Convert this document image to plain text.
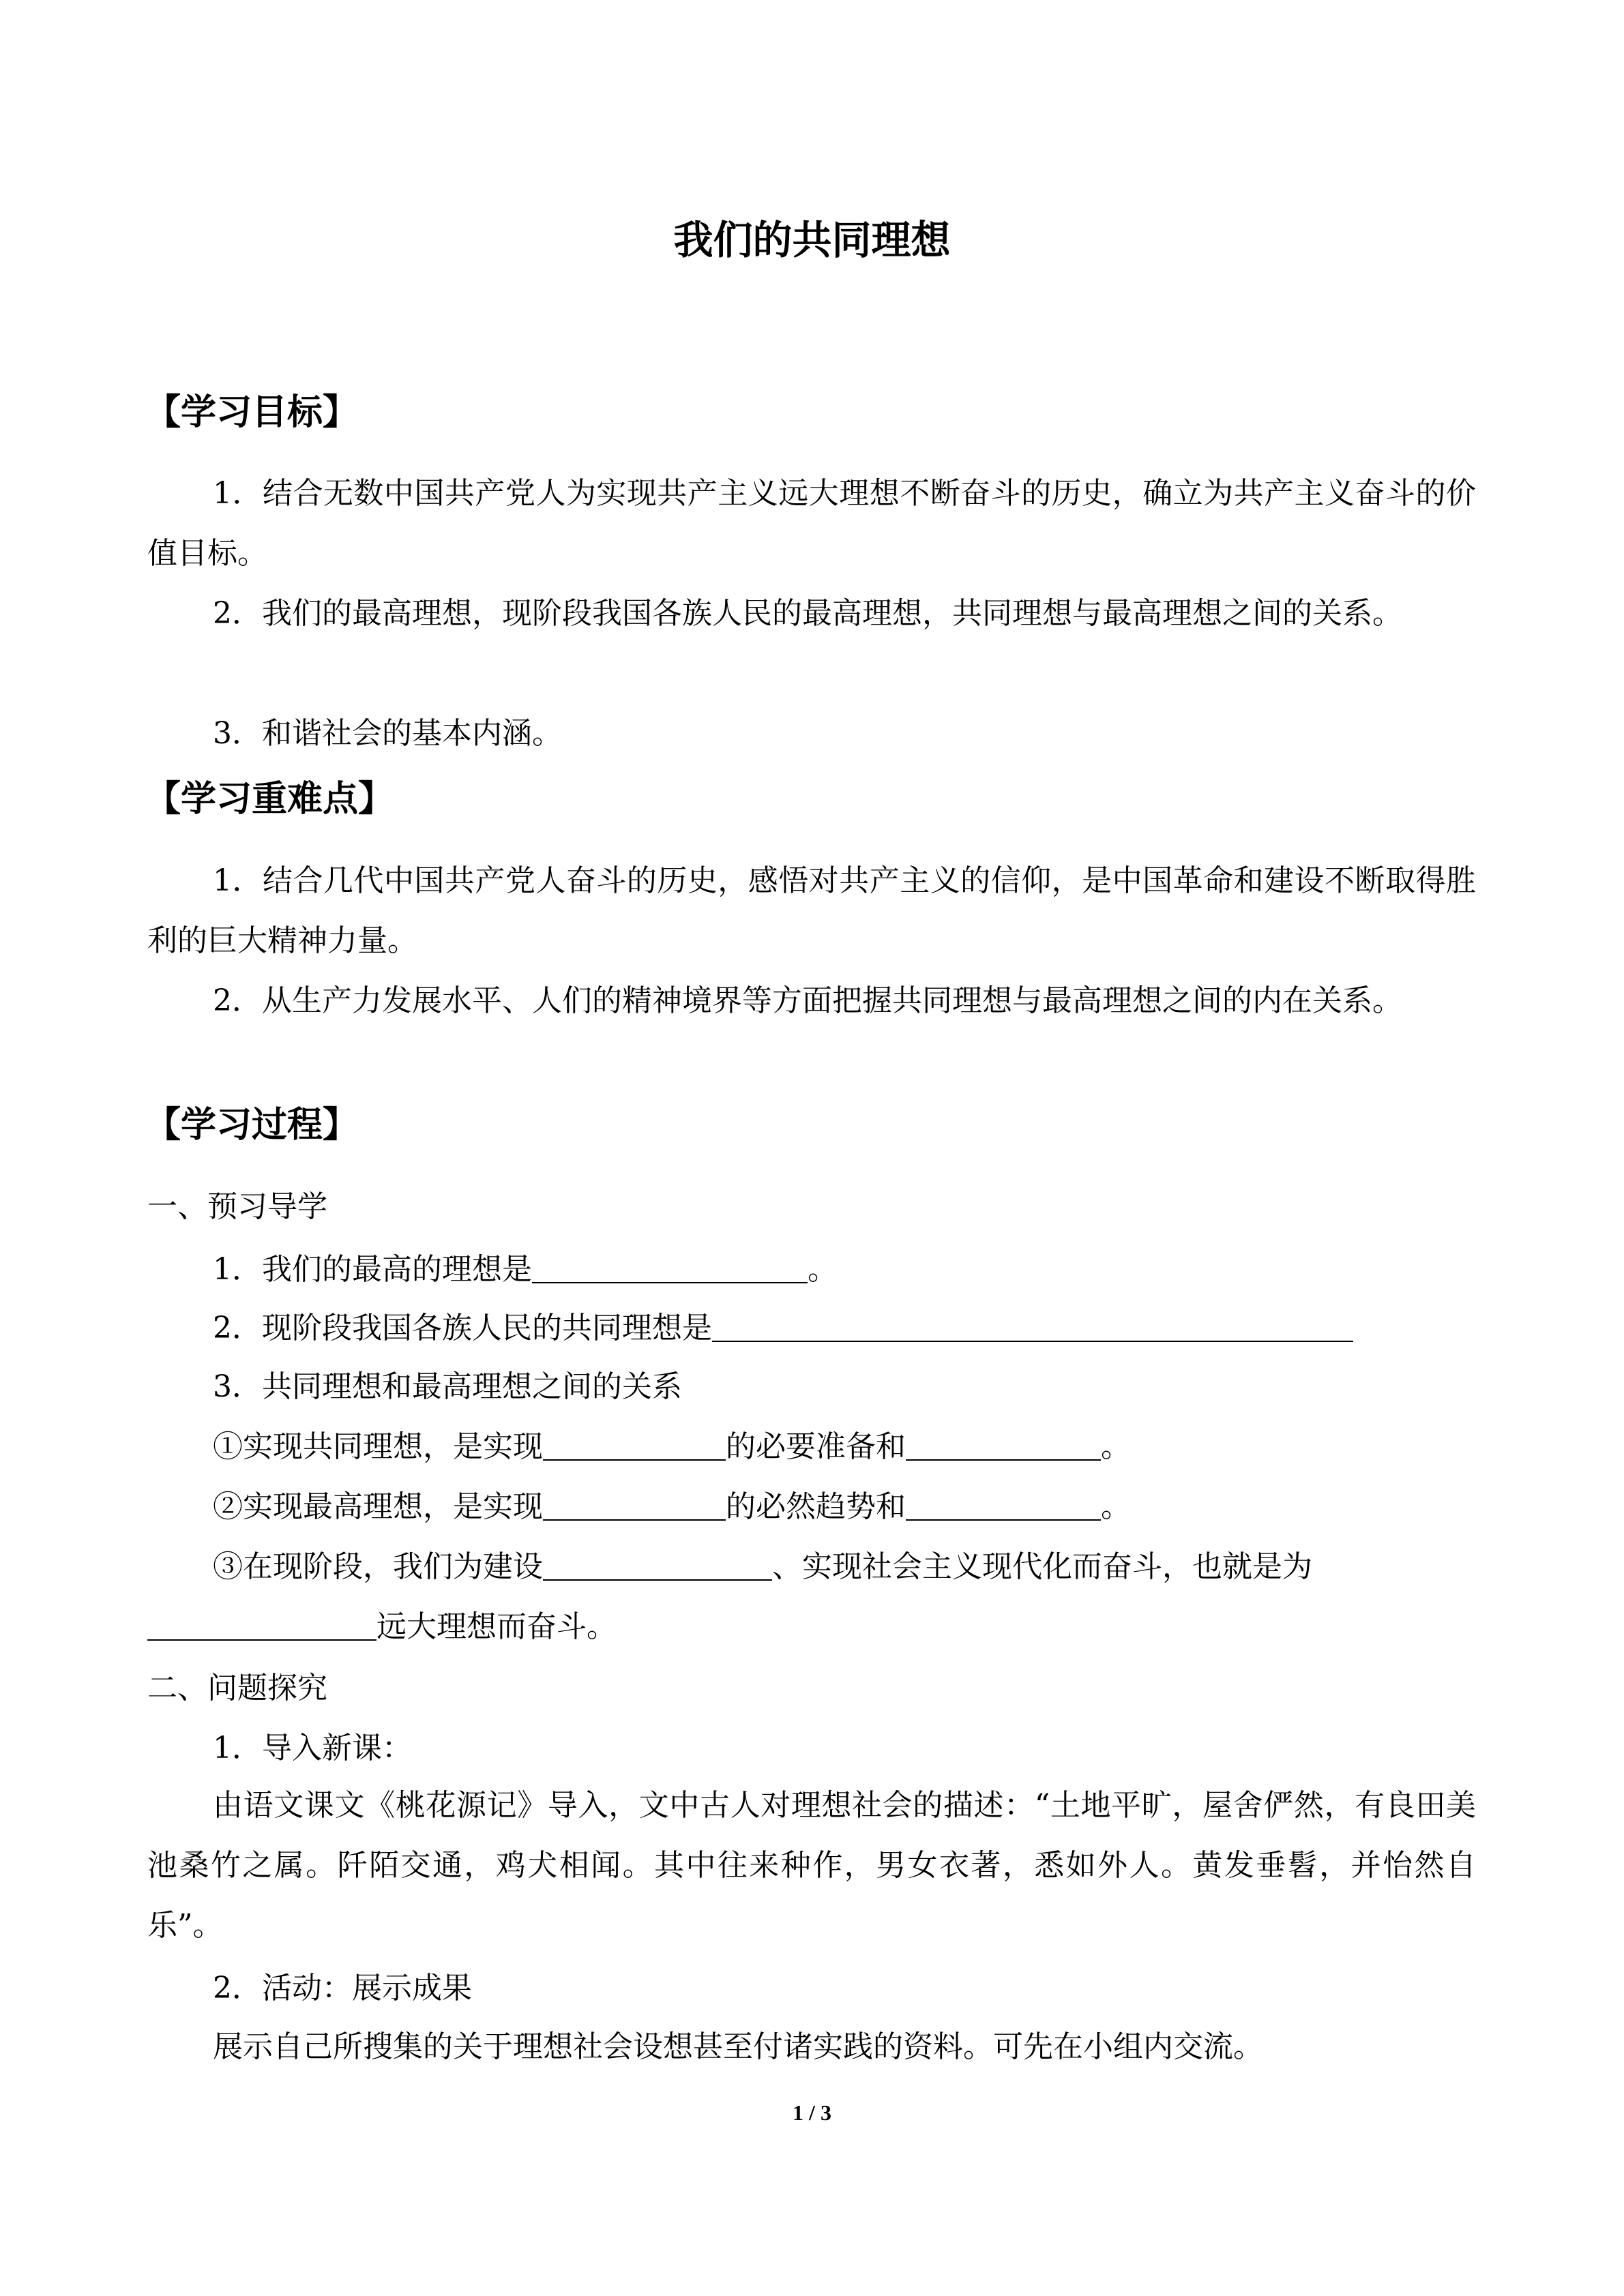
我们的共同理想
【学习目标】
1．结合无数中国共产党人为实现共产主义远大理想不断奋斗的历史，确立为共产主义奋斗的价值目标。
2．我们的最高理想，现阶段我国各族人民的最高理想，共同理想与最高理想之间的关系。
3．和谐社会的基本内涵。
【学习重难点】
1．结合几代中国共产党人奋斗的历史，感悟对共产主义的信仰，是中国革命和建设不断取得胜利的巨大精神力量。
2．从生产力发展水平、人们的精神境界等方面把握共同理想与最高理想之间的内在关系。
【学习过程】
一、预习导学
1．我们的最高的理想是	。
2．现阶段我国各族人民的共同理想是
3．共同理想和最高理想之间的关系
①实现共同理想，是实现	的必要准备和	。
②实现最高理想，是实现	的必然趋势和	。
③在现阶段，我们为建设	、实现社会主义现代化而奋斗，也就是为
远大理想而奋斗。
二、问题探究
1．导入新课：
由语文课文《桃花源记》导入，文中古人对理想社会的描述：“土地平旷，屋舍俨然，有良田美池桑竹之属。阡陌交通，鸡犬相闻。其中往来种作，男女衣著，悉如外人。黄发垂髫，并怡然自乐”。
2．活动：展示成果
展示自己所搜集的关于理想社会设想甚至付诸实践的资料。可先在小组内交流。
1 / 3
